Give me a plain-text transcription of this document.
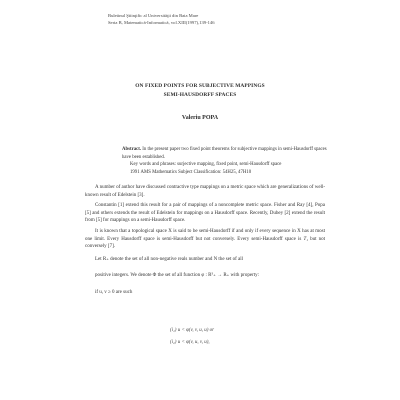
Buletinul Ştiinţific al Universităţii din Baia Mare
Seria B, Matematică-Informatică, vol.XIII(1997),139-146
ON FIXED POINTS FOR SUBJECTIVE MAPPINGS
SEMI-HAUSDORFF SPACES
Valeriu POPA
Abstract. In the present paper two fixed point theorems for subjective mappings in semi-Hausdorff spaces have been established.
Key words and phrases: surjective mapping, fixed point, semi-Hausdorff space
1991 AMS Mathematics Subject Classification: 54H25, 47H10

A number of author have discussed contractive type mappings on a metric space which are generalizations of well-known result of Edelstein [3].

Constantin [1] extend this result for a pair of mappings of a noncomplete metric space. Fisher and Ray [4], Popa [5] and others extends the result of Edelstein for mappings on a Hausdorff space. Recently, Dubey [2] extend the result from [5] for mappings on a semi-Hausdorff space.

It is known that a topological space X is said to be semi-Hausdorff if and only if every sequence in X has at most one limit. Every Hausdorff space is semi-Hausdorff but not conversely. Every semi-Hausdorff space is T₁ but not conversely [7].

Let R₊ denote the set of all non-negative reals number and N the set of all

positive integers. We denote Φ the set of all function φ : R⁵₊ → R₊ with property:

if u, v ≥ 0 are such

(i₁) u < φ(v, v, u, u) or
(i₂) u < φ(v, u, v, u),
